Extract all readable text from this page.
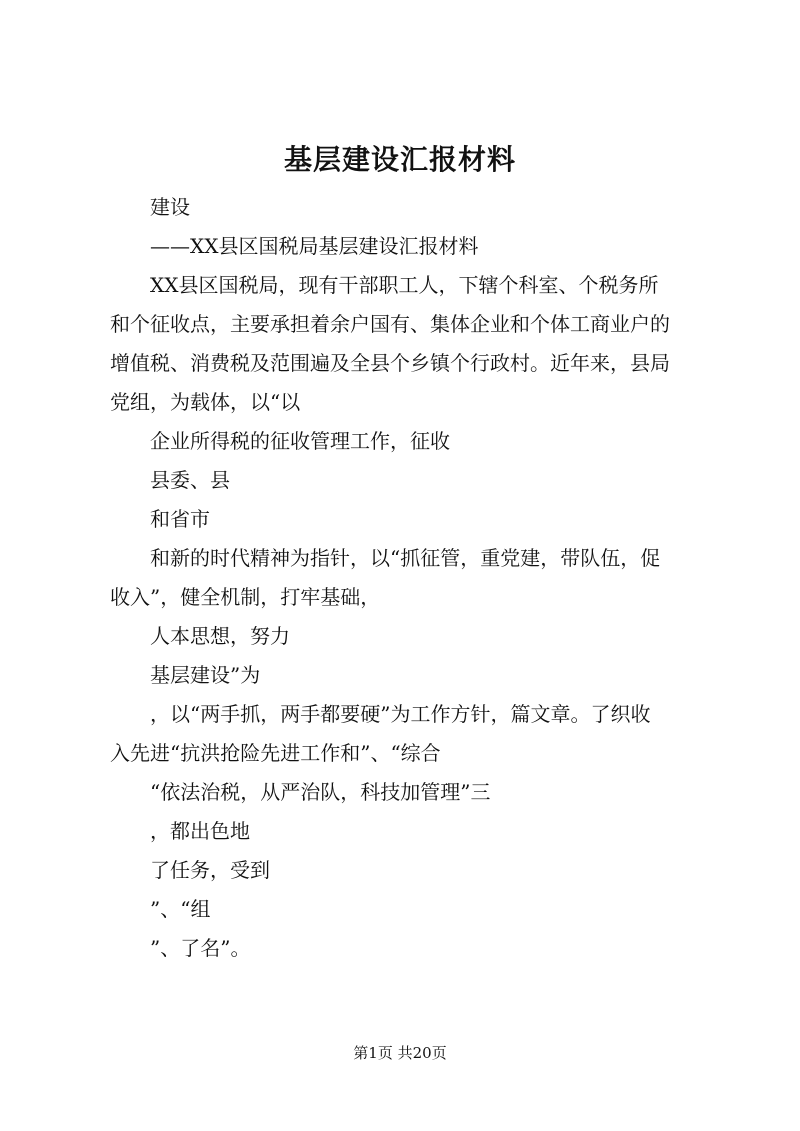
基层建设汇报材料
建设
——XX县区国税局基层建设汇报材料
XX县区国税局，现有干部职工人，下辖个科室、个税务所
和个征收点，主要承担着余户国有、集体企业和个体工商业户的
增值税、消费税及范围遍及全县个乡镇个行政村。近年来，县局
党组，为载体，以“以
企业所得税的征收管理工作，征收
县委、县
和省市
和新的时代精神为指针，以“抓征管，重党建，带队伍，促
收入”，健全机制，打牢基础，
人本思想，努力
基层建设”为
，以“两手抓，两手都要硬”为工作方针，篇文章。了织收
入先进“抗洪抢险先进工作和”、“综合
“依法治税，从严治队，科技加管理”三
，都出色地
了任务，受到
”、“组
”、了名”。
第1页 共20页
